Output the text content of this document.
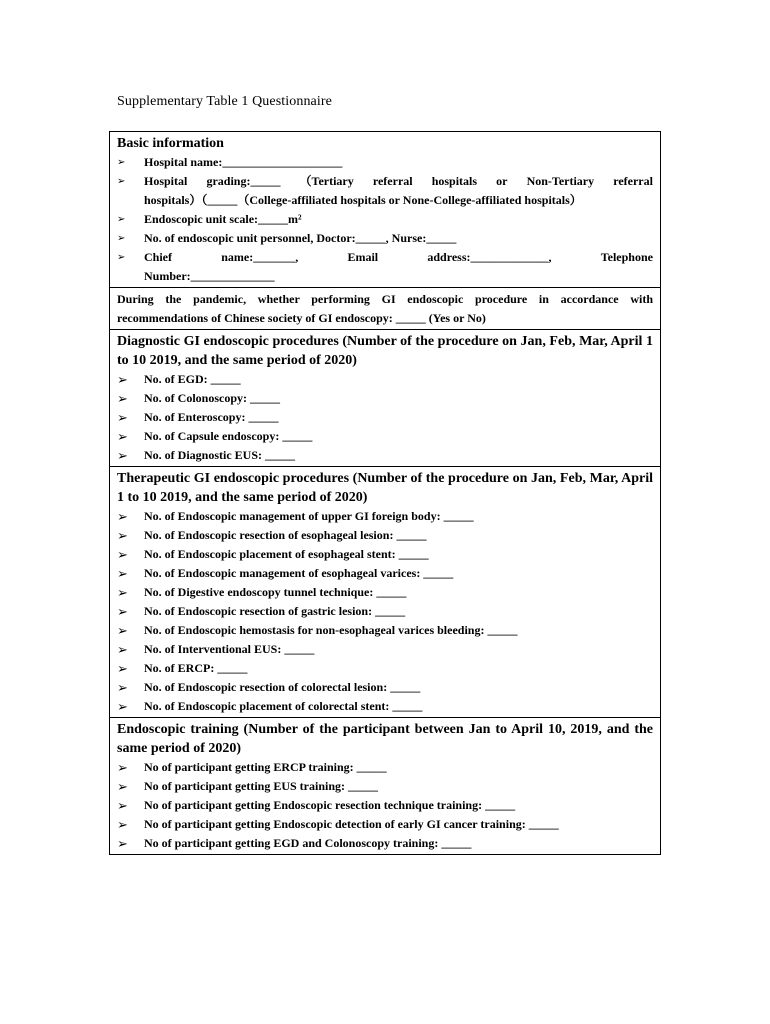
Supplementary Table 1 Questionnaire
Basic information
➢	Hospital name:____________________
➢	Hospital grading:_____ （Tertiary referral hospitals or Non-Tertiary referral
hospitals）（_____（College-affiliated hospitals or None-College-affiliated hospitals）
➢	Endoscopic unit scale:_____m²
➢	No. of endoscopic unit personnel, Doctor:_____, Nurse:_____
➢	Chief	name:_______,	Email	address:_____________,	Telephone
Number:______________
During the pandemic, whether performing GI endoscopic procedure in accordance with recommendations of Chinese society of GI endoscopy: _____ (Yes or No)
Diagnostic GI endoscopic procedures (Number of the procedure on Jan, Feb, Mar, April 1 to 10 2019, and the same period of 2020)
➢ No. of EGD: _____
➢ No. of Colonoscopy: _____
➢ No. of Enteroscopy: _____
➢ No. of Capsule endoscopy: _____
➢ No. of Diagnostic EUS: _____
Therapeutic GI endoscopic procedures (Number of the procedure on Jan, Feb, Mar, April 1 to 10 2019, and the same period of 2020)
➢ No. of Endoscopic management of upper GI foreign body: _____
➢ No. of Endoscopic resection of esophageal lesion: _____
➢ No. of Endoscopic placement of esophageal stent: _____
➢ No. of Endoscopic management of esophageal varices: _____
➢ No. of Digestive endoscopy tunnel technique: _____
➢ No. of Endoscopic resection of gastric lesion: _____
➢ No. of Endoscopic hemostasis for non-esophageal varices bleeding: _____
➢ No. of Interventional EUS: _____
➢ No. of ERCP: _____
➢ No. of Endoscopic resection of colorectal lesion: _____
➢ No. of Endoscopic placement of colorectal stent: _____
Endoscopic training (Number of the participant between Jan to April 10, 2019, and the same period of 2020)
➢ No of participant getting ERCP training: _____
➢ No of participant getting EUS training: _____
➢ No of participant getting Endoscopic resection technique training: _____
➢ No of participant getting Endoscopic detection of early GI cancer training: _____
➢ No of participant getting EGD and Colonoscopy training: _____
